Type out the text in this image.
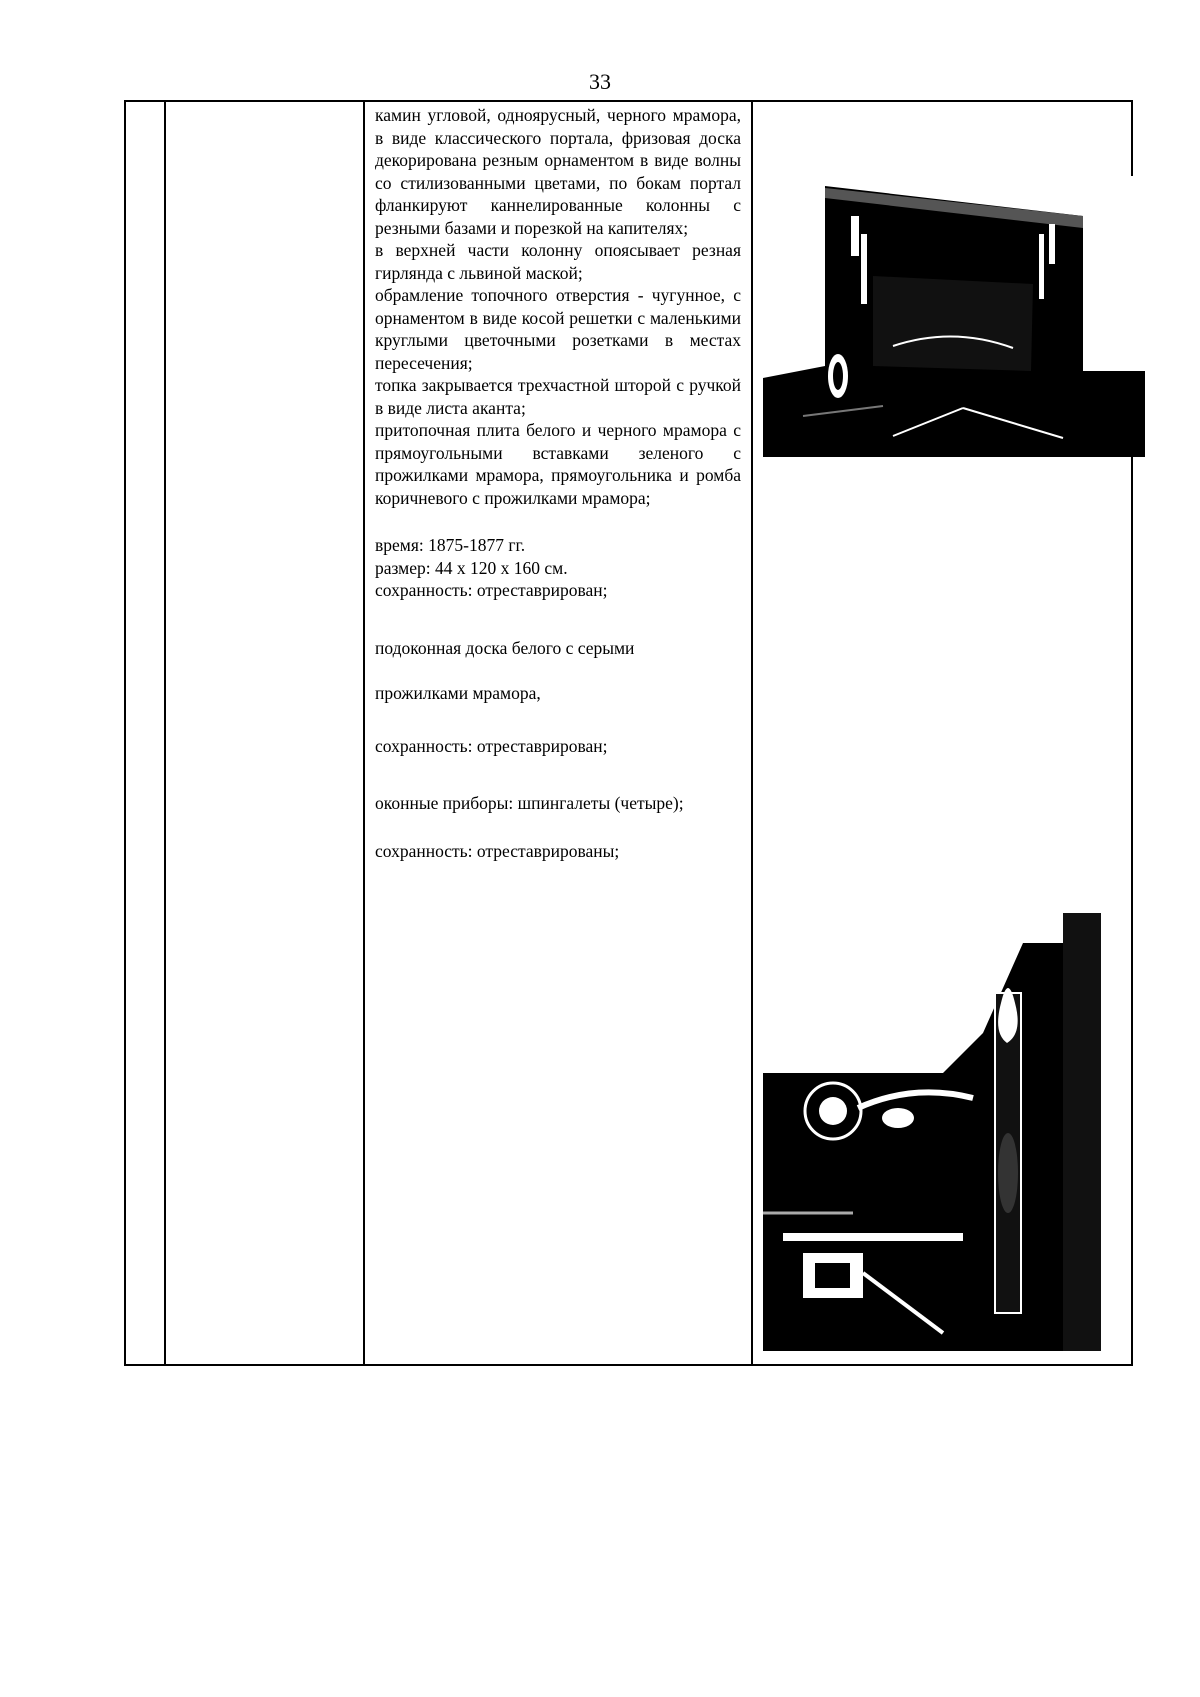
33

камин угловой, одноярусный, черного мрамора, в виде классического портала, фризовая доска декорирована резным орнаментом в виде волны со стилизованными цветами, по бокам портал фланкируют каннелированные колонны с резными базами и порезкой на капителях;

в верхней части колонну опоясывает резная гирлянда с львиной маской;

обрамление топочного отверстия - чугунное, с орнаментом в виде косой решетки с маленькими круглыми цветочными розетками в местах пересечения;

топка закрывается трехчастной шторой с ручкой в виде листа аканта;

притопочная плита белого и черного мрамора с прямоугольными вставками зеленого с прожилками мрамора, прямоугольника и ромба коричневого с прожилками мрамора;

время: 1875-1877 гг.

размер: 44 х 120 х 160 см.

сохранность: отреставрирован;

подоконная доска белого с серыми

прожилками мрамора,

сохранность: отреставрирован;

оконные приборы: шпингалеты (четыре);

сохранность: отреставрированы;
